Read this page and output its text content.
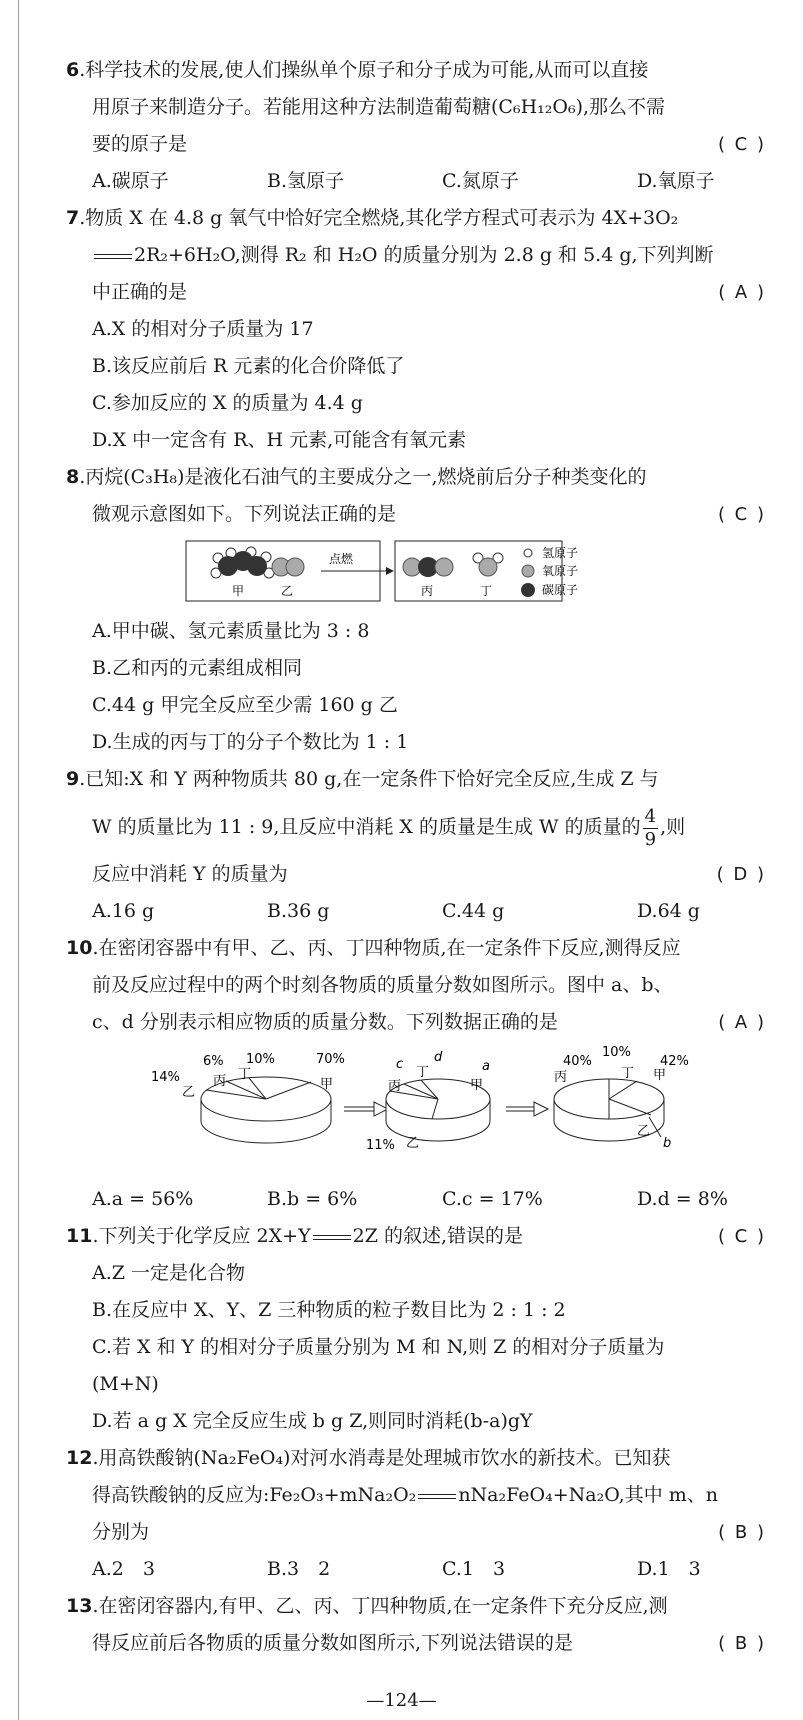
6.科学技术的发展,使人们操纵单个原子和分子成为可能,从而可以直接
用原子来制造分子。若能用这种方法制造葡萄糖(C₆H₁₂O₆),那么不需
要的原子是	( C )
A.碳原子	B.氢原子	C.氮原子	D.氧原子
7.物质 X 在 4.8 g 氧气中恰好完全燃烧,其化学方程式可表示为 4X+3O₂
2R₂+6H₂O,测得 R₂ 和 H₂O 的质量分别为 2.8 g 和 5.4 g,下列判断
中正确的是	( A )
A.X 的相对分子质量为 17
B.该反应前后 R 元素的化合价降低了
C.参加反应的 X 的质量为 4.4 g
D.X 中一定含有 R、H 元素,可能含有氧元素
8.丙烷(C₃H₈)是液化石油气的主要成分之一,燃烧前后分子种类变化的
微观示意图如下。下列说法正确的是	( C )
甲	乙
点燃
丙	丁
氢原子
氧原子
碳原子
A.甲中碳、氢元素质量比为 3 : 8
B.乙和丙的元素组成相同
C.44 g 甲完全反应至少需 160 g 乙
D.生成的丙与丁的分子个数比为 1 : 1
9.已知:X 和 Y 两种物质共 80 g,在一定条件下恰好完全反应,生成 Z 与
W 的质量比为 11 : 9,且反应中消耗 X 的质量是生成 W 的质量的 $\frac{4}{9}$ ,则
反应中消耗 Y 的质量为	( D )
A.16 g	B.36 g	C.44 g	D.64 g
10.在密闭容器中有甲、乙、丙、丁四种物质,在一定条件下反应,测得反应
前及反应过程中的两个时刻各物质的质量分数如图所示。图中 a、b、
c、d 分别表示相应物质的质量分数。下列数据正确的是	( A )
6% 10%	70%
14%	丙 丁
甲
乙
c d
a
11%
丙
丁
甲
乙
40%
10%
42%
b
丙	丁 甲
乙
A.a = 56%	B.b = 6%	C.c = 17%	D.d = 8%
11.下列关于化学反应 2X+Y 2Z 的叙述,错误的是	( C )
A.Z 一定是化合物
B.在反应中 X、Y、Z 三种物质的粒子数目比为 2 : 1 : 2
C.若 X 和 Y 的相对分子质量分别为 M 和 N,则 Z 的相对分子质量为
(M+N)
D.若 a g X 完全反应生成 b g Z,则同时消耗(b-a)gY
12.用高铁酸钠(Na₂FeO₄)对河水消毒是处理城市饮水的新技术。已知获
得高铁酸钠的反应为:Fe₂O₃+mNa₂O₂ nNa₂FeO₄+Na₂O,其中 m、n
分别为	( B )
A.2　3	B.3　2	C.1　3	D.1　3
13.在密闭容器内,有甲、乙、丙、丁四种物质,在一定条件下充分反应,测
得反应前后各物质的质量分数如图所示,下列说法错误的是	( B )
—124—
